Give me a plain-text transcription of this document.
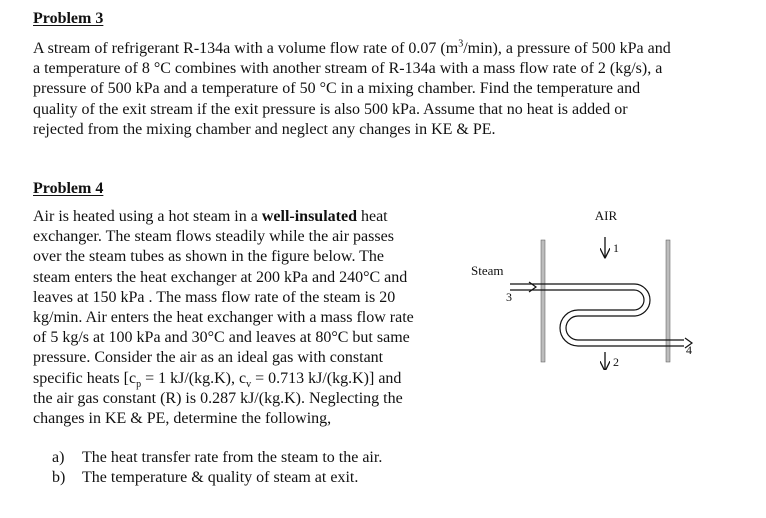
Problem 3
A stream of refrigerant R-134a with a volume flow rate of 0.07 $(m^3/\min)$, a pressure of 500 kPa and
a temperature of 8 °C combines with another stream of R-134a with a mass flow rate of 2 (kg/s), a
pressure of 500 kPa and a temperature of 50 °C in a mixing chamber. Find the temperature and
quality of the exit stream if the exit pressure is also 500 kPa. Assume that no heat is added or
rejected from the mixing chamber and neglect any changes in KE & PE.
Problem 4
Air is heated using a hot steam in a well-insulated heat
exchanger. The steam flows steadily while the air passes
over the steam tubes as shown in the figure below. The
steam enters the heat exchanger at 200 kPa and 240°C and
leaves at 150 kPa . The mass flow rate of the steam is 20
kg/min. Air enters the heat exchanger with a mass flow rate
of 5 kg/s at 100 kPa and 30°C and leaves at 80°C but same
pressure. Consider the air as an ideal gas with constant
specific heats [$c_p = 1$ kJ/(kg.K), $c_v = 0.713$ kJ/(kg.K)] and
the air gas constant (R) is 0.287 kJ/(kg.K). Neglecting the
changes in KE & PE, determine the following,
a) The heat transfer rate from the steam to the air.
b) The temperature & quality of steam at exit.
AIR
1
Steam
3
4
2
